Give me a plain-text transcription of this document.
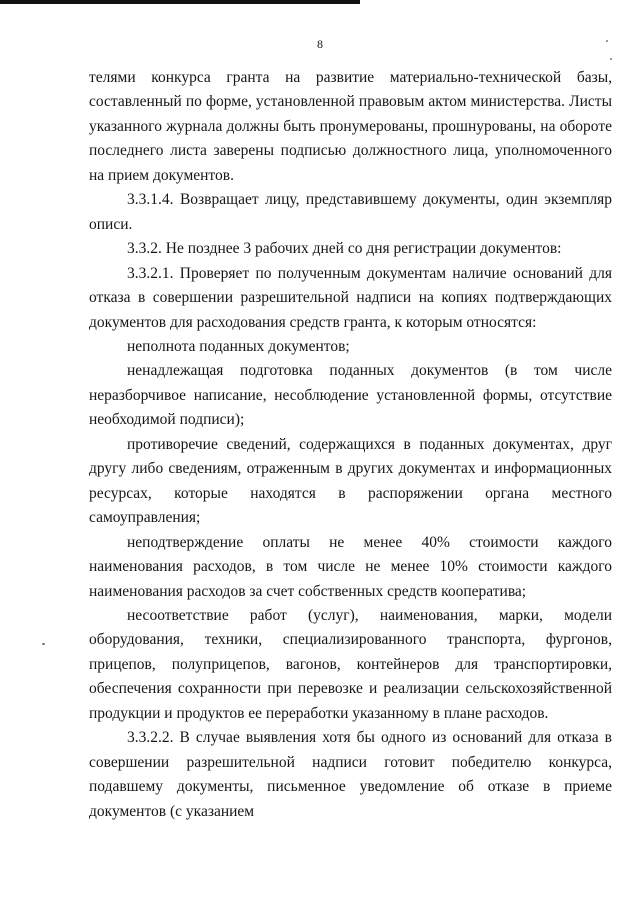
8

телями конкурса гранта на развитие материально-технической базы, составленный по форме, установленной правовым актом министерства. Листы указанного журнала должны быть пронумерованы, прошнурованы, на обороте последнего листа заверены подписью должностного лица, уполномоченного на прием документов.

3.3.1.4. Возвращает лицу, представившему документы, один экземпляр описи.

3.3.2. Не позднее 3 рабочих дней со дня регистрации документов:

3.3.2.1. Проверяет по полученным документам наличие оснований для отказа в совершении разрешительной надписи на копиях подтверждающих документов для расходования средств гранта, к которым относятся:

неполнота поданных документов;

ненадлежащая подготовка поданных документов (в том числе неразборчивое написание, несоблюдение установленной формы, отсутствие необходимой подписи);

противоречие сведений, содержащихся в поданных документах, друг другу либо сведениям, отраженным в других документах и информационных ресурсах, которые находятся в распоряжении органа местного самоуправления;

неподтверждение оплаты не менее 40% стоимости каждого наименования расходов, в том числе не менее 10% стоимости каждого наименования расходов за счет собственных средств кооператива;

несоответствие работ (услуг), наименования, марки, модели оборудования, техники, специализированного транспорта, фургонов, прицепов, полуприцепов, вагонов, контейнеров для транспортировки, обеспечения сохранности при перевозке и реализации сельскохозяйственной продукции и продуктов ее переработки указанному в плане расходов.

3.3.2.2. В случае выявления хотя бы одного из оснований для отказа в совершении разрешительной надписи готовит победителю конкурса, подавшему документы, письменное уведомление об отказе в приеме документов (с указанием
